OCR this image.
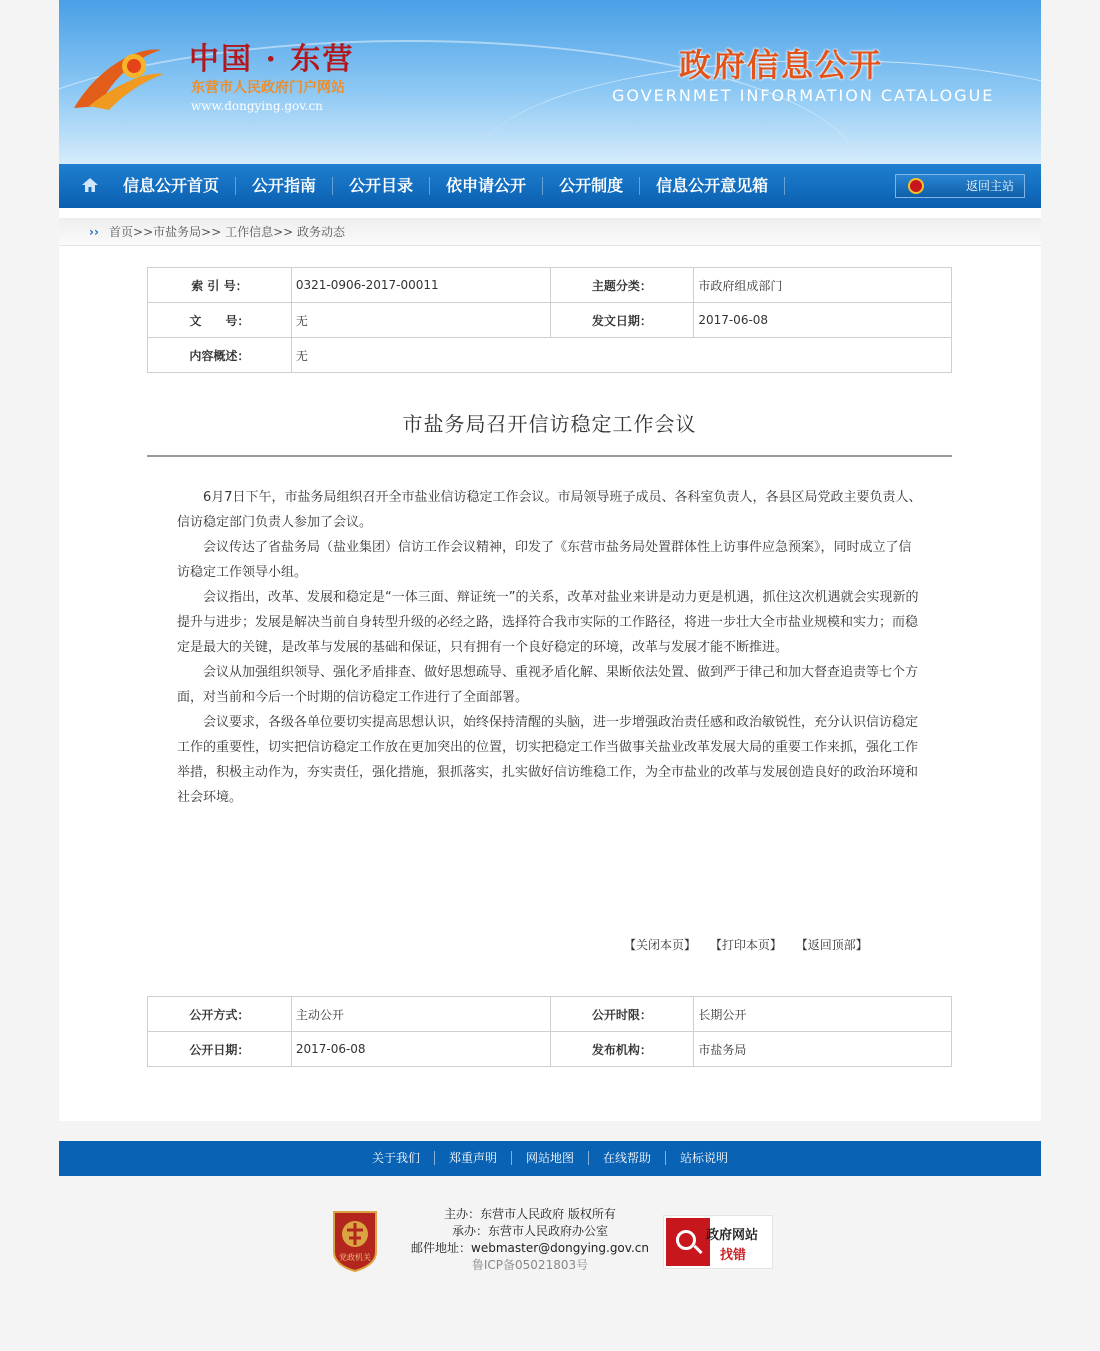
中国 · 东营
东营市人民政府门户网站
www.dongying.gov.cn
政府信息公开
GOVERNMET INFORMATION CATALOGUE
信息公开首页	公开指南	公开目录	依申请公开	公开制度	信息公开意见箱	返回主站
›› 首页>>市盐务局>> 工作信息>> 政务动态
索 引 号：	0321-0906-2017-00011	主题分类：	市政府组成部门
文　　号：	无	发文日期：	2017-06-08
内容概述：	无		
市盐务局召开信访稳定工作会议

6月7日下午，市盐务局组织召开全市盐业信访稳定工作会议。市局领导班子成员、各科室负责人，各县区局党政主要负责人、信访稳定部门负责人参加了会议。

会议传达了省盐务局（盐业集团）信访工作会议精神，印发了《东营市盐务局处置群体性上访事件应急预案》，同时成立了信访稳定工作领导小组。

会议指出，改革、发展和稳定是“一体三面、辩证统一”的关系，改革对盐业来讲是动力更是机遇，抓住这次机遇就会实现新的提升与进步；发展是解决当前自身转型升级的必经之路，选择符合我市实际的工作路径，将进一步壮大全市盐业规模和实力；而稳定是最大的关键，是改革与发展的基础和保证，只有拥有一个良好稳定的环境，改革与发展才能不断推进。

会议从加强组织领导、强化矛盾排查、做好思想疏导、重视矛盾化解、果断依法处置、做到严于律己和加大督查追责等七个方面，对当前和今后一个时期的信访稳定工作进行了全面部署。

会议要求，各级各单位要切实提高思想认识，始终保持清醒的头脑，进一步增强政治责任感和政治敏锐性，充分认识信访稳定工作的重要性，切实把信访稳定工作放在更加突出的位置，切实把稳定工作当做事关盐业改革发展大局的重要工作来抓，强化工作举措，积极主动作为，夯实责任，强化措施，狠抓落实，扎实做好信访维稳工作，为全市盐业的改革与发展创造良好的政治环境和社会环境。

【关闭本页】 【打印本页】 【返回顶部】
公开方式：	主动公开	公开时限：	长期公开
公开日期：	2017-06-08	发布机构：	市盐务局
关于我们 郑重声明 网站地图 在线帮助 站标说明
党政机关
主办：东营市人民政府 版权所有
承办：东营市人民政府办公室
邮件地址：webmaster@dongying.gov.cn
鲁ICP备05021803号
政府网站
找错
